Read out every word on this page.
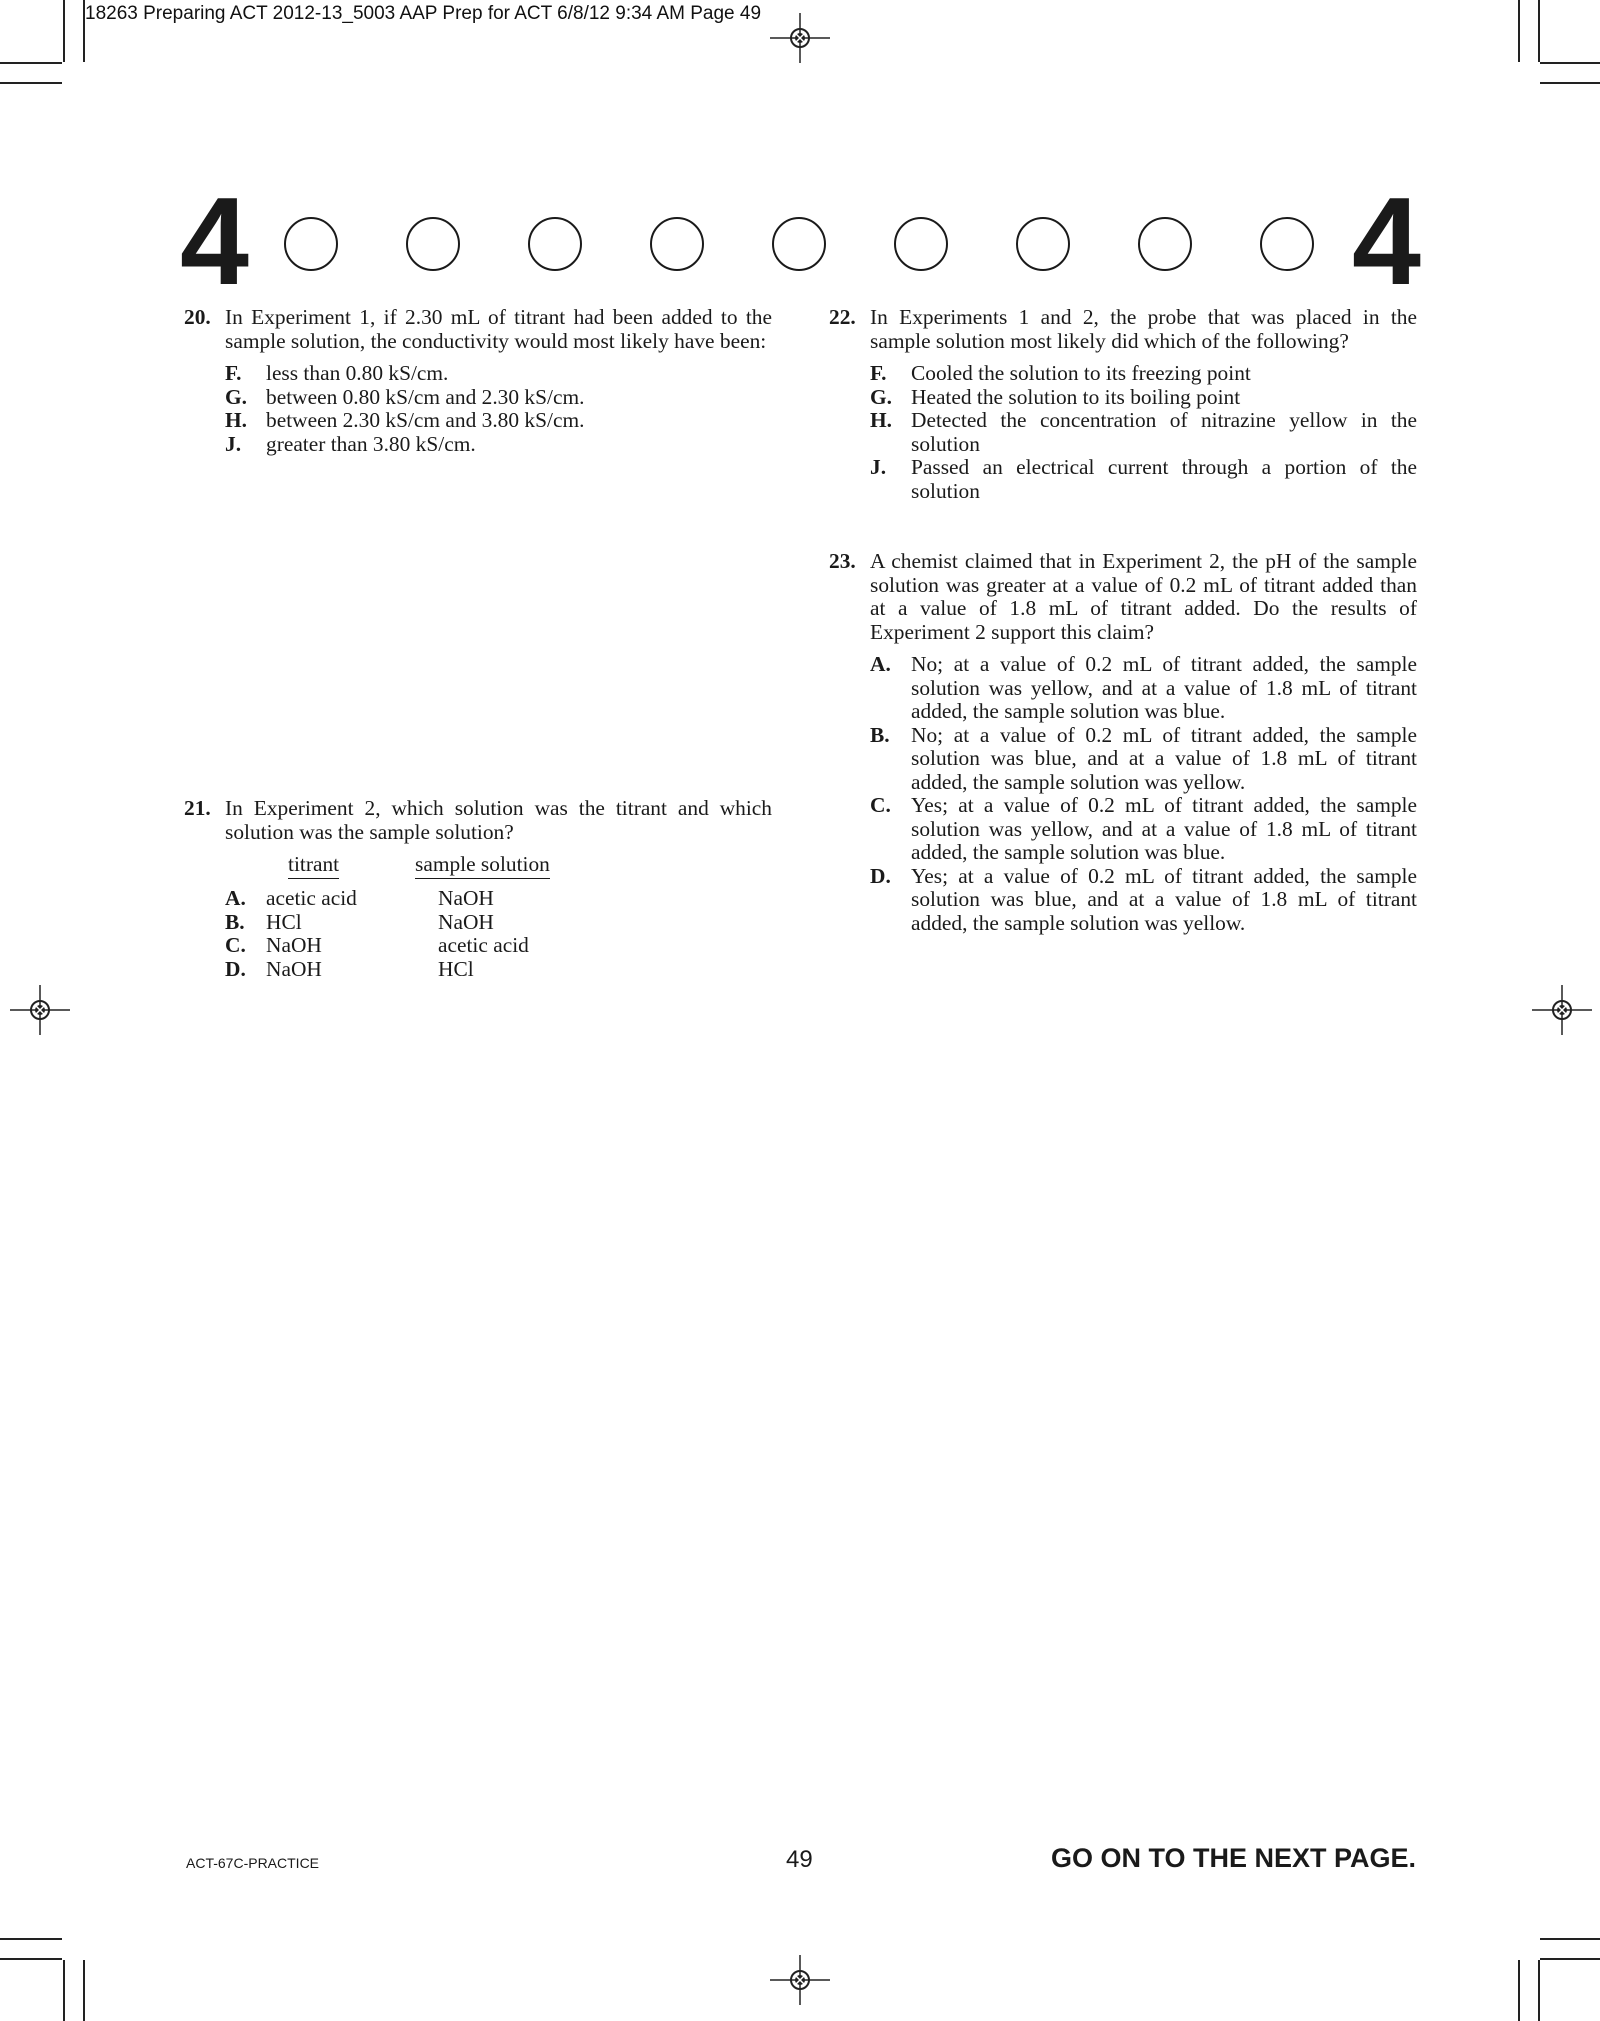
18263 Preparing ACT 2012-13_5003 AAP Prep for ACT 6/8/12 9:34 AM Page 49
4	4
20. In Experiment 1, if 2.30 mL of titrant had been added to the sample solution, the conductivity would most likely have been:
F.	less than 0.80 kS/cm.
G. between 0.80 kS/cm and 2.30 kS/cm.
H. between 2.30 kS/cm and 3.80 kS/cm.
J.	greater than 3.80 kS/cm.
21. In Experiment 2, which solution was the titrant and which solution was the sample solution?
titrant	sample solution
A. acetic acid	NaOH
B. HCl	NaOH
C. NaOH	acetic acid
D. NaOH	HCl
22. In Experiments 1 and 2, the probe that was placed in the sample solution most likely did which of the following?
F.	Cooled the solution to its freezing point
G. Heated the solution to its boiling point
H. Detected the concentration of nitrazine yellow in the solution
J.	Passed an electrical current through a portion of the solution
23. A chemist claimed that in Experiment 2, the pH of the sample solution was greater at a value of 0.2 mL of titrant added than at a value of 1.8 mL of titrant added. Do the results of Experiment 2 support this claim?
A. No; at a value of 0.2 mL of titrant added, the sample solution was yellow, and at a value of 1.8 mL of titrant added, the sample solution was blue.
B. No; at a value of 0.2 mL of titrant added, the sample solution was blue, and at a value of 1.8 mL of titrant added, the sample solution was yellow.
C. Yes; at a value of 0.2 mL of titrant added, the sample solution was yellow, and at a value of 1.8 mL of titrant added, the sample solution was blue.
D. Yes; at a value of 0.2 mL of titrant added, the sample solution was blue, and at a value of 1.8 mL of titrant added, the sample solution was yellow.
ACT-67C-PRACTICE	49	GO ON TO THE NEXT PAGE.
